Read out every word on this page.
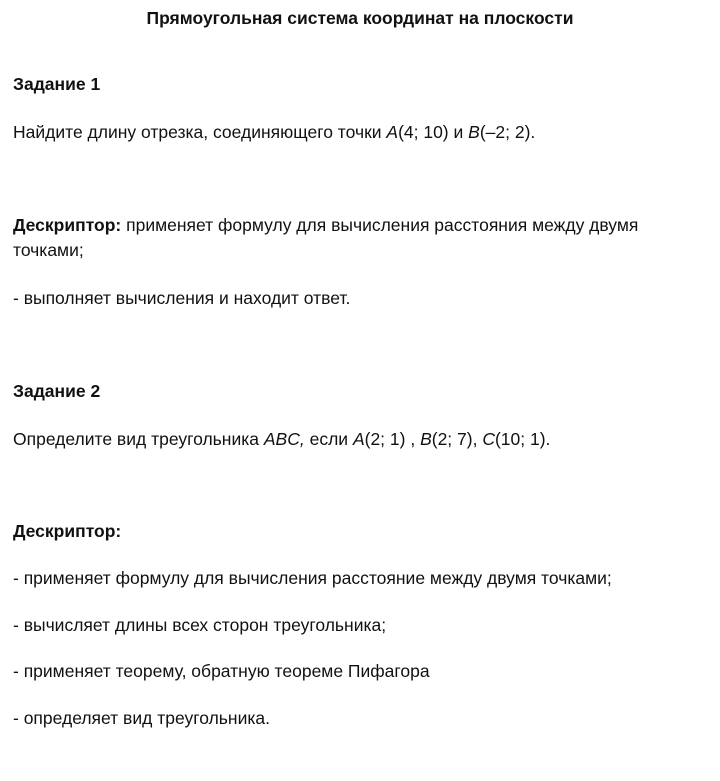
Прямоугольная система координат на плоскости
Задание 1
Найдите длину отрезка, соединяющего точки A(4; 10) и B(–2; 2).
Дескриптор: применяет формулу для вычисления расстояния между двумя точками;
- выполняет вычисления и находит ответ.
Задание 2
Определите вид треугольника ABC, если A(2; 1) , B(2; 7), C(10; 1).
Дескриптор:
- применяет формулу для вычисления расстояние между двумя точками;
- вычисляет длины всех сторон треугольника;
- применяет теорему, обратную теореме Пифагора
- определяет вид треугольника.
